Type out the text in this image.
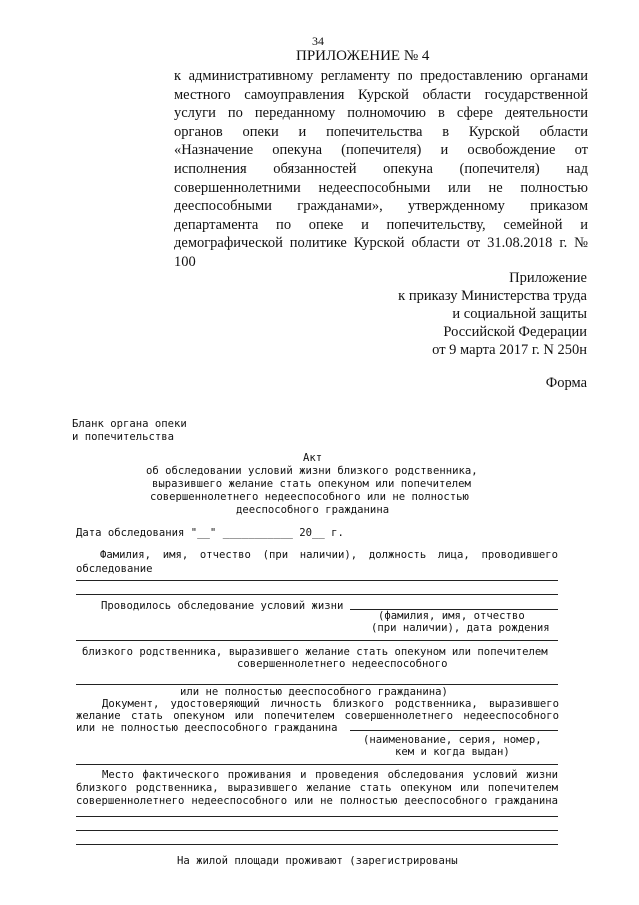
34
ПРИЛОЖЕНИЕ № 4
к административному регламенту по предоставлению органами
местного самоуправления Курской области государственной
услуги по переданному полномочию в сфере деятельности
органов опеки и попечительства в Курской области
«Назначение опекуна (попечителя) и освобождение от
исполнения обязанностей опекуна (попечителя) над
совершеннолетними недееспособными или не полностью
дееспособными гражданами», утвержденному приказом
департамента по опеке и попечительству, семейной и
демографической политике Курской области от 31.08.2018 г. №
100
Приложение
к приказу Министерства труда
и социальной защиты
Российской Федерации
от 9 марта 2017 г. N 250н
Форма
Бланк органа опеки
и попечительства
Акт
об обследовании условий жизни близкого родственника,
выразившего желание стать опекуном или попечителем
совершеннолетнего недееспособного или не полностью
дееспособного гражданина
Дата обследования "__" ___________ 20__ г.
Фамилия, имя, отчество (при наличии), должность лица, проводившего
обследование
Проводилось обследование условий жизни
(фамилия, имя, отчество
(при наличии), дата рождения
близкого родственника, выразившего желание стать опекуном или попечителем
совершеннолетнего недееспособного
или не полностью дееспособного гражданина)
Документ, удостоверяющий личность близкого родственника, выразившего
желание стать опекуном или попечителем совершеннолетнего недееспособного
или не полностью дееспособного гражданина
(наименование, серия, номер,
кем и когда выдан)
Место фактического проживания и проведения обследования условий жизни
близкого родственника, выразившего желание стать опекуном или попечителем
совершеннолетнего недееспособного или не полностью дееспособного гражданина
На жилой площади проживают (зарегистрированы
